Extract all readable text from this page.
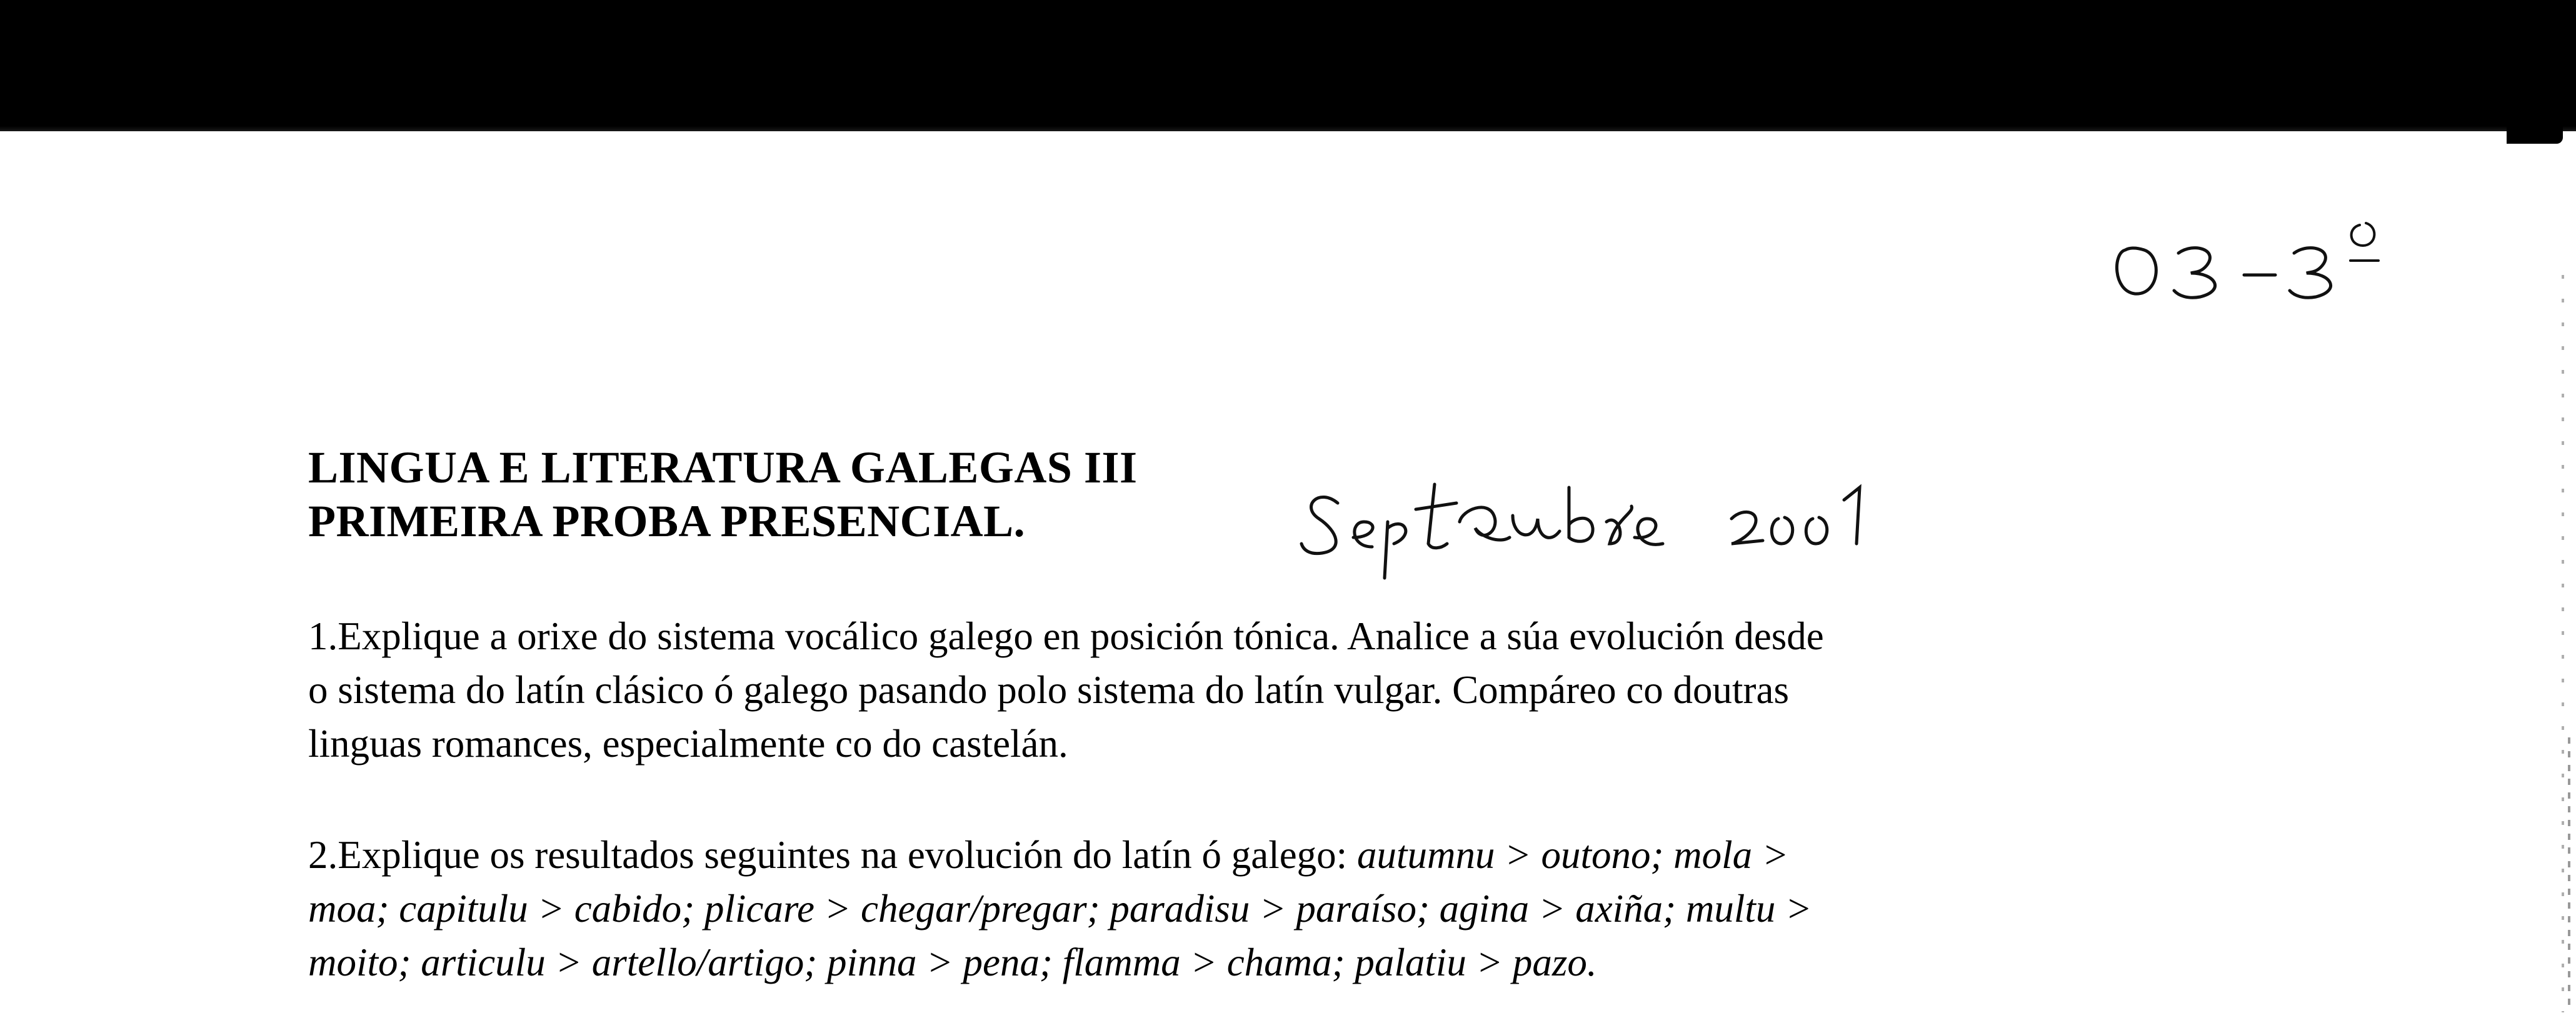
03-3º
Septembre 2001
LINGUA E LITERATURA GALEGAS III
PRIMEIRA PROBA PRESENCIAL.
1.Explique a orixe do sistema vocálico galego en posición tónica. Analice a súa evolución desde
o sistema do latín clásico ó galego pasando polo sistema do latín vulgar. Compáreo co doutras
linguas romances, especialmente co do castelán.
2.Explique os resultados seguintes na evolución do latín ó galego: autumnu > outono; mola >
moa; capitulu > cabido; plicare > chegar/pregar; paradisu > paraíso; agina > axiña; multu >
moito; articulu > artello/artigo; pinna > pena; flamma > chama; palatiu > pazo.
